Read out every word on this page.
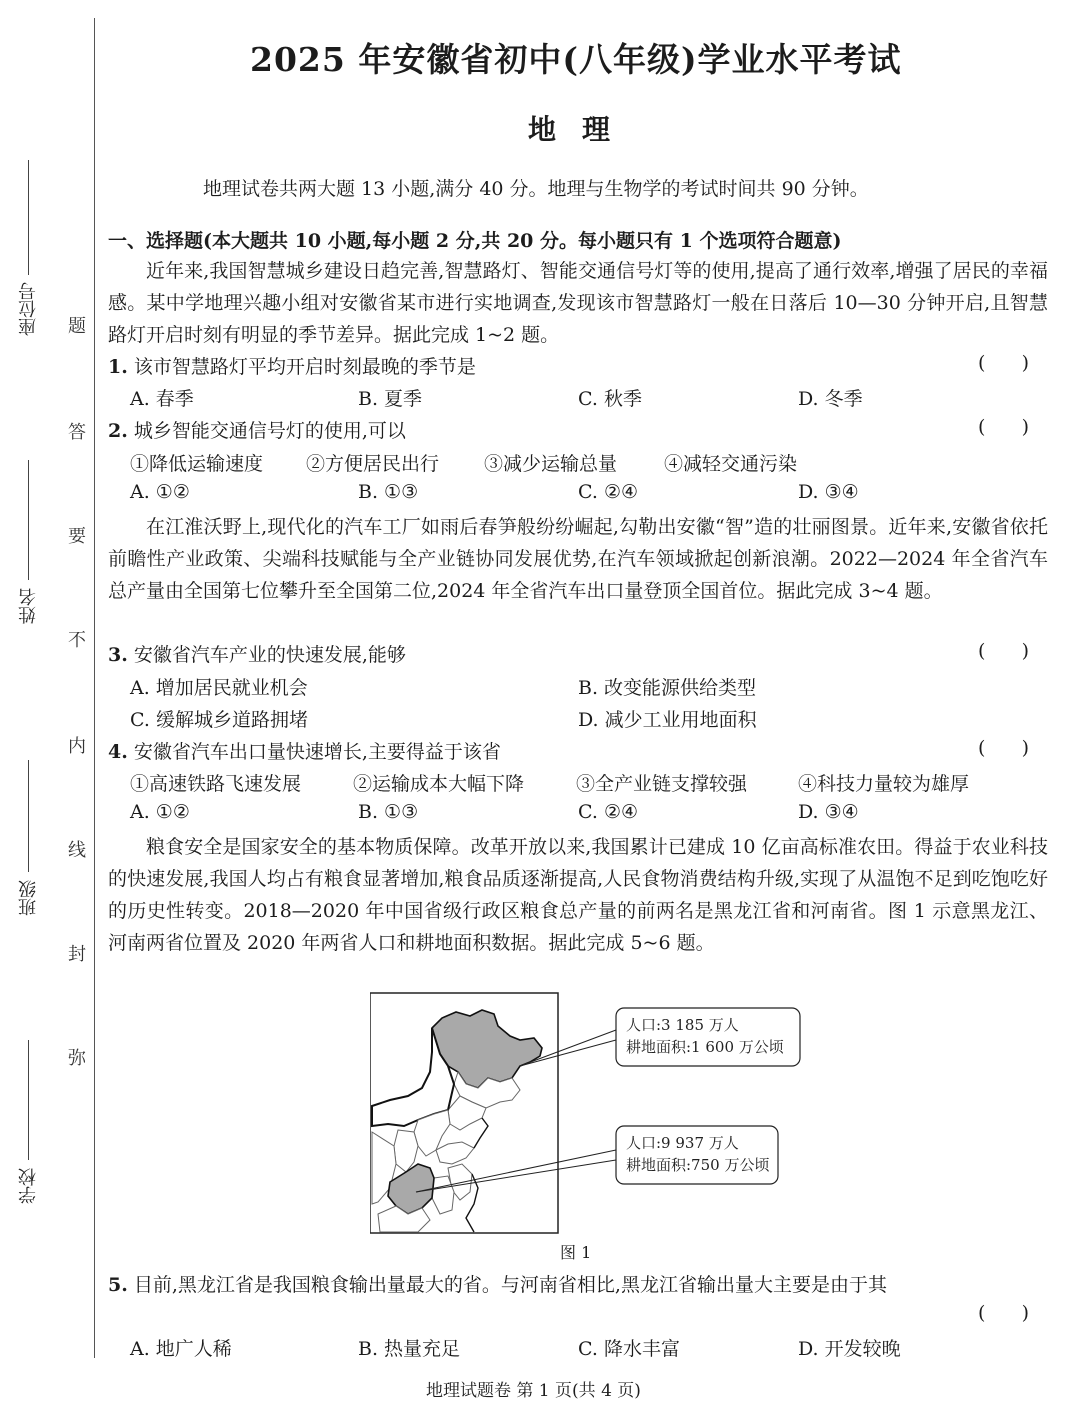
座位号
姓名
班级
学校
题
答
要
不
内
线
封
弥
2025 年安徽省初中(八年级)学业水平考试
地理
地理试卷共两大题 13 小题,满分 40 分。地理与生物学的考试时间共 90 分钟。
一、选择题(本大题共 10 小题,每小题 2 分,共 20 分。每小题只有 1 个选项符合题意)
近年来,我国智慧城乡建设日趋完善,智慧路灯、智能交通信号灯等的使用,提高了通行效率,增强了居民的幸福感。某中学地理兴趣小组对安徽省某市进行实地调查,发现该市智慧路灯一般在日落后 10—30 分钟开启,且智慧路灯开启时刻有明显的季节差异。据此完成 1~2 题。
1. 该市智慧路灯平均开启时刻最晚的季节是	(      )
A. 春季	B. 夏季	C. 秋季	D. 冬季
2. 城乡智能交通信号灯的使用,可以	(      )
①降低运输速度 ②方便居民出行 ③减少运输总量 ④减轻交通污染
A. ①②	B. ①③	C. ②④	D. ③④
在江淮沃野上,现代化的汽车工厂如雨后春笋般纷纷崛起,勾勒出安徽“智”造的壮丽图景。近年来,安徽省依托前瞻性产业政策、尖端科技赋能与全产业链协同发展优势,在汽车领域掀起创新浪潮。2022—2024 年全省汽车总产量由全国第七位攀升至全国第二位,2024 年全省汽车出口量登顶全国首位。据此完成 3~4 题。
3. 安徽省汽车产业的快速发展,能够	(      )
A. 增加居民就业机会	B. 改变能源供给类型
C. 缓解城乡道路拥堵	D. 减少工业用地面积
4. 安徽省汽车出口量快速增长,主要得益于该省	(      )
①高速铁路飞速发展	②运输成本大幅下降	③全产业链支撑较强	④科技力量较为雄厚
A. ①②	B. ①③	C. ②④	D. ③④
粮食安全是国家安全的基本物质保障。改革开放以来,我国累计已建成 10 亿亩高标准农田。得益于农业科技的快速发展,我国人均占有粮食显著增加,粮食品质逐渐提高,人民食物消费结构升级,实现了从温饱不足到吃饱吃好的历史性转变。2018—2020 年中国省级行政区粮食总产量的前两名是黑龙江省和河南省。图 1 示意黑龙江、河南两省位置及 2020 年两省人口和耕地面积数据。据此完成 5~6 题。
人口:3 185 万人
耕地面积:1 600 万公顷
人口:9 937 万人
耕地面积:750 万公顷
图 1
5. 目前,黑龙江省是我国粮食输出量最大的省。与河南省相比,黑龙江省输出量大主要是由于其
(      )
A. 地广人稀	B. 热量充足	C. 降水丰富	D. 开发较晚
地理试题卷 第 1 页(共 4 页)
